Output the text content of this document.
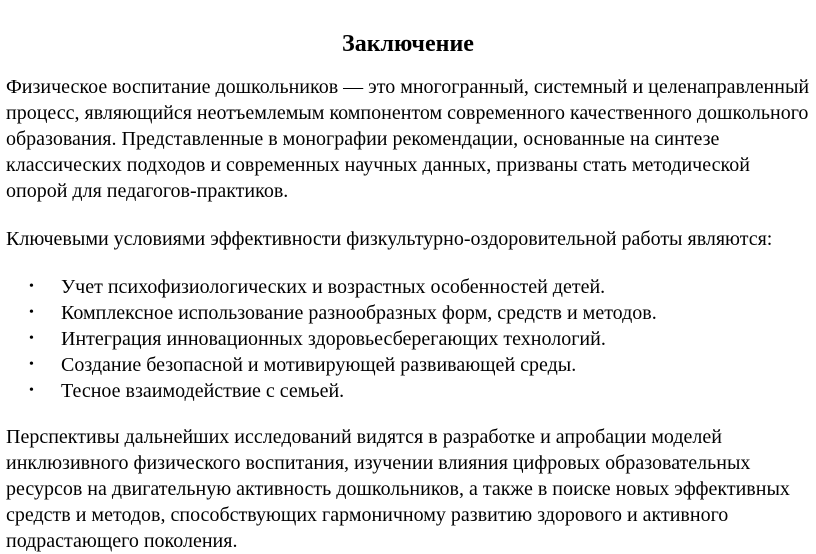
Заключение

Физическое воспитание дошкольников — это многогранный, системный и целенаправленный процесс, являющийся неотъемлемым компонентом современного качественного дошкольного образования. Представленные в монографии рекомендации, основанные на синтезе классических подходов и современных научных данных, призваны стать методической опорой для педагогов-практиков.

Ключевыми условиями эффективности физкультурно-оздоровительной работы являются:

• Учет психофизиологических и возрастных особенностей детей.
• Комплексное использование разнообразных форм, средств и методов.
• Интеграция инновационных здоровьесберегающих технологий.
• Создание безопасной и мотивирующей развивающей среды.
• Тесное взаимодействие с семьей.

Перспективы дальнейших исследований видятся в разработке и апробации моделей инклюзивного физического воспитания, изучении влияния цифровых образовательных ресурсов на двигательную активность дошкольников, а также в поиске новых эффективных средств и методов, способствующих гармоничному развитию здорового и активного подрастающего поколения.
